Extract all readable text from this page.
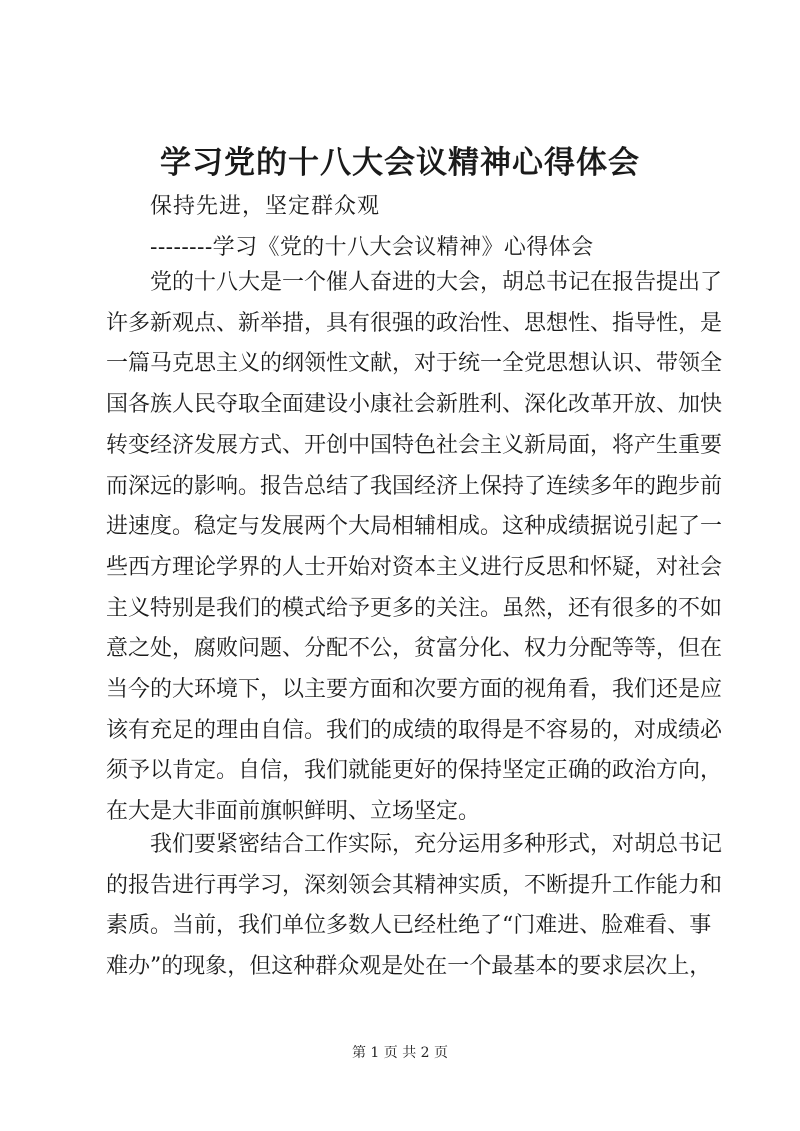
学习党的十八大会议精神心得体会
保持先进，坚定群众观
--------学习《党的十八大会议精神》心得体会
党的十八大是一个催人奋进的大会，胡总书记在报告提出了
许多新观点、新举措，具有很强的政治性、思想性、指导性，是
一篇马克思主义的纲领性文献，对于统一全党思想认识、带领全
国各族人民夺取全面建设小康社会新胜利、深化改革开放、加快
转变经济发展方式、开创中国特色社会主义新局面，将产生重要
而深远的影响。报告总结了我国经济上保持了连续多年的跑步前
进速度。稳定与发展两个大局相辅相成。这种成绩据说引起了一
些西方理论学界的人士开始对资本主义进行反思和怀疑，对社会
主义特别是我们的模式给予更多的关注。虽然，还有很多的不如
意之处，腐败问题、分配不公，贫富分化、权力分配等等，但在
当今的大环境下，以主要方面和次要方面的视角看，我们还是应
该有充足的理由自信。我们的成绩的取得是不容易的，对成绩必
须予以肯定。自信，我们就能更好的保持坚定正确的政治方向，
在大是大非面前旗帜鲜明、立场坚定。
我们要紧密结合工作实际，充分运用多种形式，对胡总书记
的报告进行再学习，深刻领会其精神实质，不断提升工作能力和
素质。当前，我们单位多数人已经杜绝了“门难进、脸难看、事
难办”的现象，但这种群众观是处在一个最基本的要求层次上，
第 1 页 共 2 页
